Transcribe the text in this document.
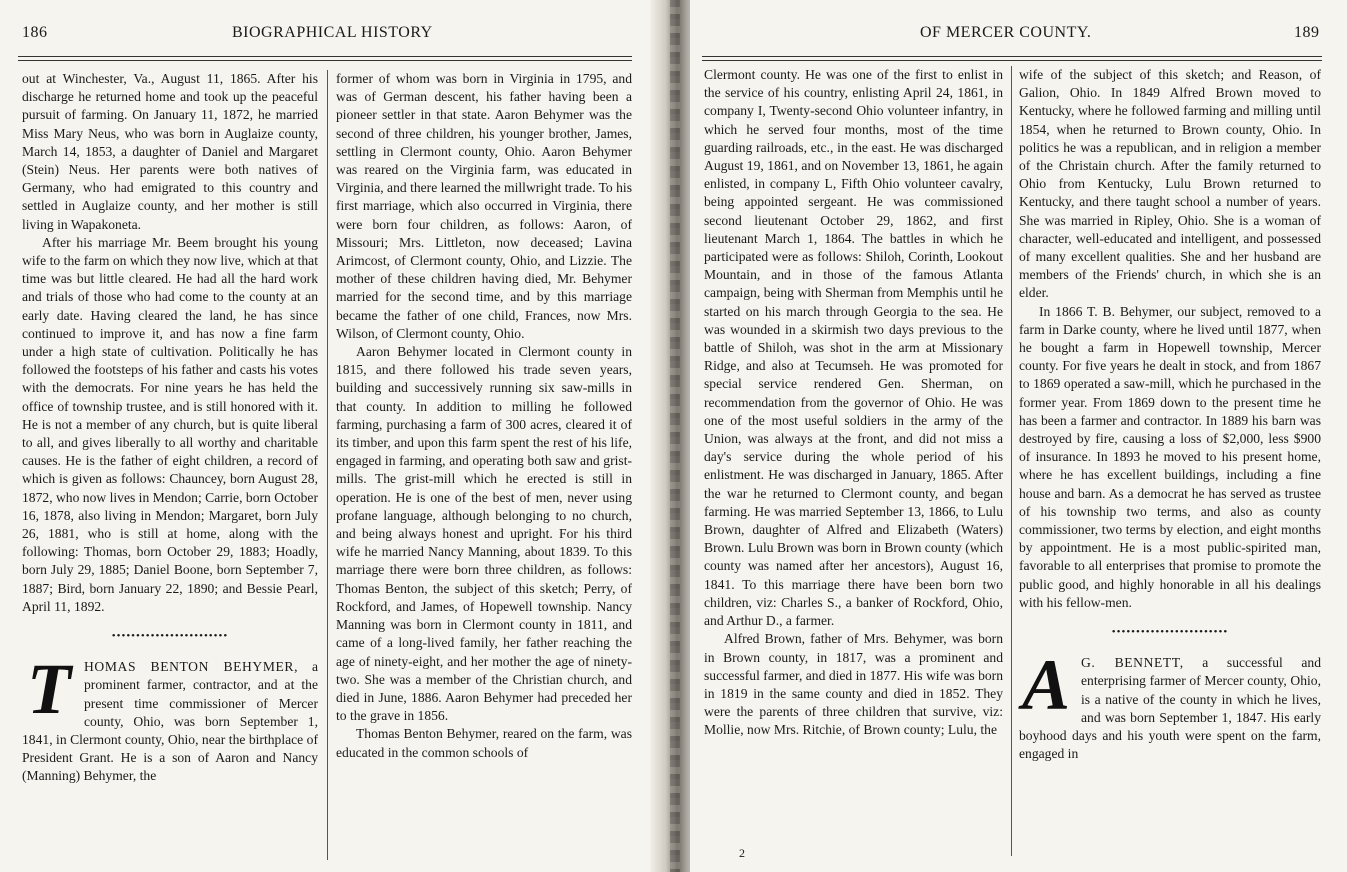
186	BIOGRAPHICAL HISTORY

out at Winchester, Va., August 11, 1865. After his discharge he returned home and took up the peaceful pursuit of farming. On January 11, 1872, he married Miss Mary Neus, who was born in Auglaize county, March 14, 1853, a daughter of Daniel and Margaret (Stein) Neus. Her parents were both natives of Germany, who had emigrated to this country and settled in Auglaize county, and her mother is still living in Wapakoneta.

After his marriage Mr. Beem brought his young wife to the farm on which they now live, which at that time was but little cleared. He had all the hard work and trials of those who had come to the county at an early date. Having cleared the land, he has since continued to improve it, and has now a fine farm under a high state of cultivation. Politically he has followed the footsteps of his father and casts his votes with the democrats. For nine years he has held the office of township trustee, and is still honored with it. He is not a member of any church, but is quite liberal to all, and gives liberally to all worthy and charitable causes. He is the father of eight children, a record of which is given as follows: Chauncey, born August 28, 1872, who now lives in Mendon; Carrie, born October 16, 1878, also living in Mendon; Margaret, born July 26, 1881, who is still at home, along with the following: Thomas, born October 29, 1883; Hoadly, born July 29, 1885; Daniel Boone, born September 7, 1887; Bird, born January 22, 1890; and Bessie Pearl, April 11, 1892.

••••••••••••••••••••••••

T HOMAS BENTON BEHYMER, a prominent farmer, contractor, and at the present time commissioner of Mercer county, Ohio, was born September 1, 1841, in Clermont county, Ohio, near the birthplace of President Grant. He is a son of Aaron and Nancy (Manning) Behymer, the

former of whom was born in Virginia in 1795, and was of German descent, his father having been a pioneer settler in that state. Aaron Behymer was the second of three children, his younger brother, James, settling in Clermont county, Ohio. Aaron Behymer was reared on the Virginia farm, was educated in Virginia, and there learned the millwright trade. To his first marriage, which also occurred in Virginia, there were born four children, as follows: Aaron, of Missouri; Mrs. Littleton, now deceased; Lavina Arimcost, of Clermont county, Ohio, and Lizzie. The mother of these children having died, Mr. Behymer married for the second time, and by this marriage became the father of one child, Frances, now Mrs. Wilson, of Clermont county, Ohio.

Aaron Behymer located in Clermont county in 1815, and there followed his trade seven years, building and successively running six saw-mills in that county. In addition to milling he followed farming, purchasing a farm of 300 acres, cleared it of its timber, and upon this farm spent the rest of his life, engaged in farming, and operating both saw and grist-mills. The grist-mill which he erected is still in operation. He is one of the best of men, never using profane language, although belonging to no church, and being always honest and upright. For his third wife he married Nancy Manning, about 1839. To this marriage there were born three children, as follows: Thomas Benton, the subject of this sketch; Perry, of Rockford, and James, of Hopewell township. Nancy Manning was born in Clermont county in 1811, and came of a long-lived family, her father reaching the age of ninety-eight, and her mother the age of ninety-two. She was a member of the Christian church, and died in June, 1886. Aaron Behymer had preceded her to the grave in 1856.

Thomas Benton Behymer, reared on the farm, was educated in the common schools of

OF MERCER COUNTY.	189

Clermont county. He was one of the first to enlist in the service of his country, enlisting April 24, 1861, in company I, Twenty-second Ohio volunteer infantry, in which he served four months, most of the time guarding railroads, etc., in the east. He was discharged August 19, 1861, and on November 13, 1861, he again enlisted, in company L, Fifth Ohio volunteer cavalry, being appointed sergeant. He was commissioned second lieutenant October 29, 1862, and first lieutenant March 1, 1864. The battles in which he participated were as follows: Shiloh, Corinth, Lookout Mountain, and in those of the famous Atlanta campaign, being with Sherman from Memphis until he started on his march through Georgia to the sea. He was wounded in a skirmish two days previous to the battle of Shiloh, was shot in the arm at Missionary Ridge, and also at Tecumseh. He was promoted for special service rendered Gen. Sherman, on recommendation from the governor of Ohio. He was one of the most useful soldiers in the army of the Union, was always at the front, and did not miss a day's service during the whole period of his enlistment. He was discharged in January, 1865. After the war he returned to Clermont county, and began farming. He was married September 13, 1866, to Lulu Brown, daughter of Alfred and Elizabeth (Waters) Brown. Lulu Brown was born in Brown county (which county was named after her ancestors), August 16, 1841. To this marriage there have been born two children, viz: Charles S., a banker of Rockford, Ohio, and Arthur D., a farmer.

Alfred Brown, father of Mrs. Behymer, was born in Brown county, in 1817, was a prominent and successful farmer, and died in 1877. His wife was born in 1819 in the same county and died in 1852. They were the parents of three children that survive, viz: Mollie, now Mrs. Ritchie, of Brown county; Lulu, the

2

wife of the subject of this sketch; and Reason, of Galion, Ohio. In 1849 Alfred Brown moved to Kentucky, where he followed farming and milling until 1854, when he returned to Brown county, Ohio. In politics he was a republican, and in religion a member of the Christain church. After the family returned to Ohio from Kentucky, Lulu Brown returned to Kentucky, and there taught school a number of years. She was married in Ripley, Ohio. She is a woman of character, well-educated and intelligent, and possessed of many excellent qualities. She and her husband are members of the Friends' church, in which she is an elder.

In 1866 T. B. Behymer, our subject, removed to a farm in Darke county, where he lived until 1877, when he bought a farm in Hopewell township, Mercer county. For five years he dealt in stock, and from 1867 to 1869 operated a saw-mill, which he purchased in the former year. From 1869 down to the present time he has been a farmer and contractor. In 1889 his barn was destroyed by fire, causing a loss of $2,000, less $900 of insurance. In 1893 he moved to his present home, where he has excellent buildings, including a fine house and barn. As a democrat he has served as trustee of his township two terms, and also as county commissioner, two terms by election, and eight months by appointment. He is a most public-spirited man, favorable to all enterprises that promise to promote the public good, and highly honorable in all his dealings with his fellow-men.

••••••••••••••••••••••••

A G. BENNETT, a successful and enterprising farmer of Mercer county, Ohio, is a native of the county in which he lives, and was born September 1, 1847. His early boyhood days and his youth were spent on the farm, engaged in
